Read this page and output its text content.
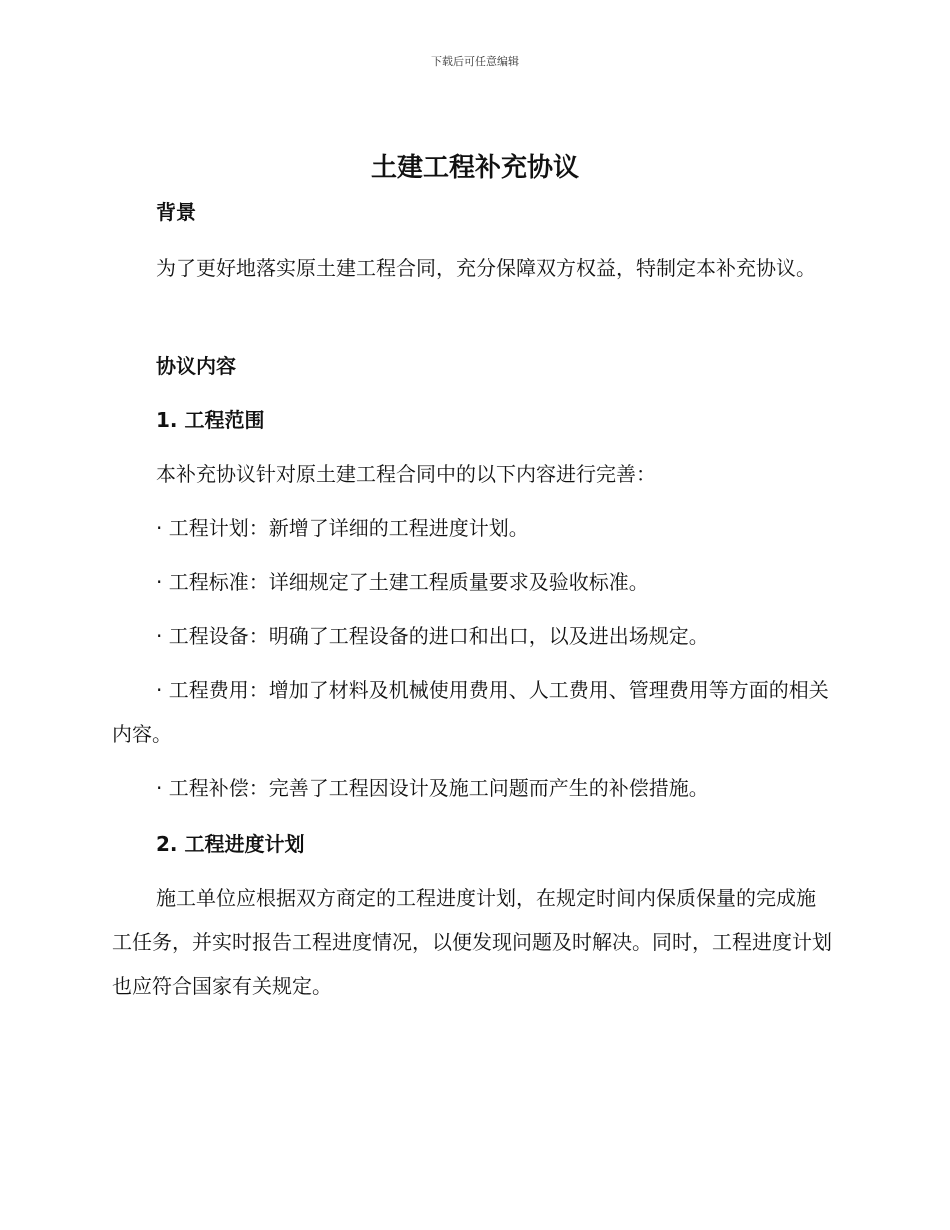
下载后可任意编辑
土建工程补充协议

背景

为了更好地落实原土建工程合同，充分保障双方权益，特制定本补充协议。

协议内容

1. 工程范围

本补充协议针对原土建工程合同中的以下内容进行完善：

· 工程计划：新增了详细的工程进度计划。

· 工程标准：详细规定了土建工程质量要求及验收标准。

· 工程设备：明确了工程设备的进口和出口，以及进出场规定。

· 工程费用：增加了材料及机械使用费用、人工费用、管理费用等方面的相关内容。

· 工程补偿：完善了工程因设计及施工问题而产生的补偿措施。

2. 工程进度计划

施工单位应根据双方商定的工程进度计划，在规定时间内保质保量的完成施工任务，并实时报告工程进度情况，以便发现问题及时解决。同时，工程进度计划也应符合国家有关规定。
